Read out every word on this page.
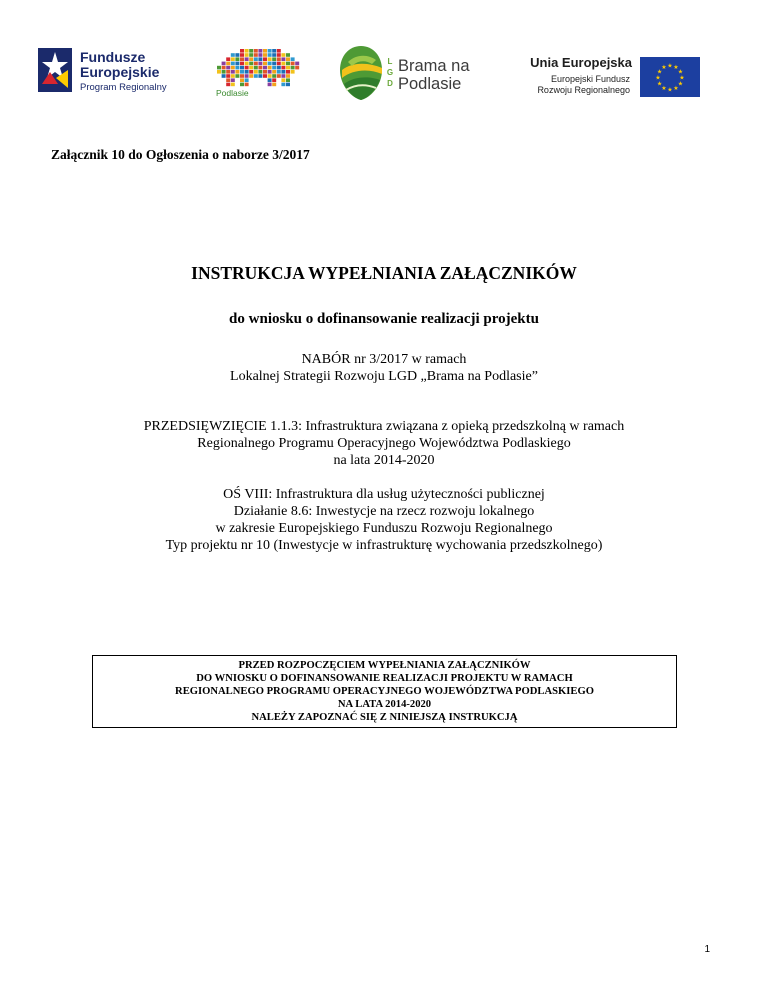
Fundusze
Europejskie
Program Regionalny	Podlasie
L
G
D
Brama na
Podlasie
Unia Europejska
Europejski Fundusz
Rozwoju Regionalnego
★
★
★
★
★
★
★
★
★ ★ ★
★
Załącznik 10 do Ogłoszenia o naborze 3/2017
INSTRUKCJA WYPEŁNIANIA ZAŁĄCZNIKÓW
do wniosku o dofinansowanie realizacji projektu
NABÓR nr 3/2017 w ramach
Lokalnej Strategii Rozwoju LGD „Brama na Podlasie”
PRZEDSIĘWZIĘCIE 1.1.3: Infrastruktura związana z opieką przedszkolną w ramach
Regionalnego Programu Operacyjnego Województwa Podlaskiego
na lata 2014-2020
OŚ VIII: Infrastruktura dla usług użyteczności publicznej
Działanie 8.6: Inwestycje na rzecz rozwoju lokalnego
w zakresie Europejskiego Funduszu Rozwoju Regionalnego
Typ projektu nr 10 (Inwestycje w infrastrukturę wychowania przedszkolnego)
PRZED ROZPOCZĘCIEM WYPEŁNIANIA ZAŁĄCZNIKÓW
DO WNIOSKU O DOFINANSOWANIE REALIZACJI PROJEKTU W RAMACH
REGIONALNEGO PROGRAMU OPERACYJNEGO WOJEWÓDZTWA PODLASKIEGO
NA LATA 2014-2020
NALEŻY ZAPOZNAĆ SIĘ Z NINIEJSZĄ INSTRUKCJĄ
1
